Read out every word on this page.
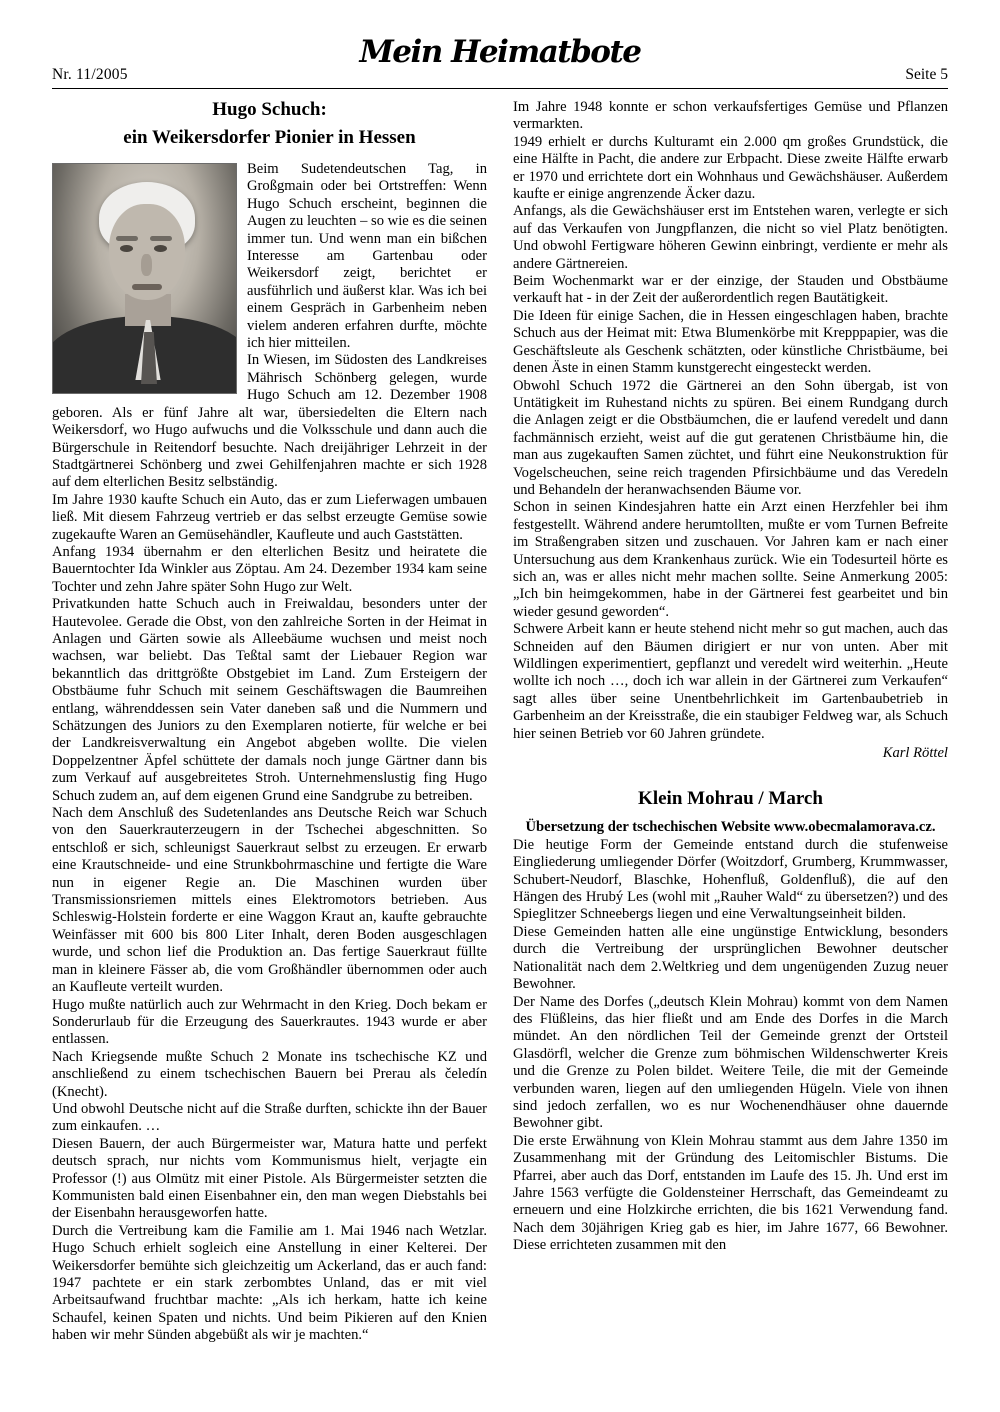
Nr. 11/2005
Mein Heimatbote
Seite 5
Hugo Schuch:
ein Weikersdorfer Pionier in Hessen

Beim Sudetendeutschen Tag, in Großgmain oder bei Ortstreffen: Wenn Hugo Schuch erscheint, beginnen die Augen zu leuchten – so wie es die seinen immer tun. Und wenn man ein bißchen Interesse am Gartenbau oder Weikersdorf zeigt, berichtet er ausführlich und äußerst klar. Was ich bei einem Gespräch in Garbenheim neben vielem anderen erfahren durfte, möchte ich hier mitteilen.

In Wiesen, im Südosten des Landkreises Mährisch Schönberg gelegen, wurde Hugo Schuch am 12. Dezember 1908 geboren. Als er fünf Jahre alt war, übersiedelten die Eltern nach Weikersdorf, wo Hugo aufwuchs und die Volksschule und dann auch die Bürgerschule in Reitendorf besuchte. Nach dreijähriger Lehrzeit in der Stadtgärtnerei Schönberg und zwei Gehilfenjahren machte er sich 1928 auf dem elterlichen Besitz selbständig.

Im Jahre 1930 kaufte Schuch ein Auto, das er zum Lieferwagen umbauen ließ. Mit diesem Fahrzeug vertrieb er das selbst erzeugte Gemüse sowie zugekaufte Waren an Gemüsehändler, Kaufleute und auch Gaststätten.

Anfang 1934 übernahm er den elterlichen Besitz und heiratete die Bauerntochter Ida Winkler aus Zöptau. Am 24. Dezember 1934 kam seine Tochter und zehn Jahre später Sohn Hugo zur Welt.

Privatkunden hatte Schuch auch in Freiwaldau, besonders unter der Hautevolee. Gerade die Obst, von den zahlreiche Sorten in der Heimat in Anlagen und Gärten sowie als Alleebäume wuchsen und meist noch wachsen, war beliebt. Das Teßtal samt der Liebauer Region war bekanntlich das drittgrößte Obstgebiet im Land. Zum Ersteigern der Obstbäume fuhr Schuch mit seinem Geschäftswagen die Baumreihen entlang, währenddessen sein Vater daneben saß und die Nummern und Schätzungen des Juniors zu den Exemplaren notierte, für welche er bei der Landkreisverwaltung ein Angebot abgeben wollte. Die vielen Doppelzentner Äpfel schüttete der damals noch junge Gärtner dann bis zum Verkauf auf ausgebreitetes Stroh. Unternehmenslustig fing Hugo Schuch zudem an, auf dem eigenen Grund eine Sandgrube zu betreiben.

Nach dem Anschluß des Sudetenlandes ans Deutsche Reich war Schuch von den Sauerkrauterzeugern in der Tschechei abgeschnitten. So entschloß er sich, schleunigst Sauerkraut selbst zu erzeugen. Er erwarb eine Krautschneide- und eine Strunkbohrmaschine und fertigte die Ware nun in eigener Regie an. Die Maschinen wurden über Transmissionsriemen mittels eines Elektromotors betrieben. Aus Schleswig-Holstein forderte er eine Waggon Kraut an, kaufte gebrauchte Weinfässer mit 600 bis 800 Liter Inhalt, deren Boden ausgeschlagen wurde, und schon lief die Produktion an. Das fertige Sauerkraut füllte man in kleinere Fässer ab, die vom Großhändler übernommen oder auch an Kaufleute verteilt wurden.

Hugo mußte natürlich auch zur Wehrmacht in den Krieg. Doch bekam er Sonderurlaub für die Erzeugung des Sauerkrautes. 1943 wurde er aber entlassen.

Nach Kriegsende mußte Schuch 2 Monate ins tschechische KZ und anschließend zu einem tschechischen Bauern bei Prerau als čeledín (Knecht).

Und obwohl Deutsche nicht auf die Straße durften, schickte ihn der Bauer zum einkaufen. …

Diesen Bauern, der auch Bürgermeister war, Matura hatte und perfekt deutsch sprach, nur nichts vom Kommunismus hielt, verjagte ein Professor (!) aus Olmütz mit einer Pistole. Als Bürgermeister setzten die Kommunisten bald einen Eisenbahner ein, den man wegen Diebstahls bei der Eisenbahn herausgeworfen hatte.

Durch die Vertreibung kam die Familie am 1. Mai 1946 nach Wetzlar. Hugo Schuch erhielt sogleich eine Anstellung in einer Kelterei. Der Weikersdorfer bemühte sich gleichzeitig um Ackerland, das er auch fand: 1947 pachtete er ein stark zerbombtes Unland, das er mit viel Arbeitsaufwand fruchtbar machte: „Als ich herkam, hatte ich keine Schaufel, keinen Spaten und nichts. Und beim Pikieren auf den Knien haben wir mehr Sünden abgebüßt als wir je machten.“

Im Jahre 1948 konnte er schon verkaufsfertiges Gemüse und Pflanzen vermarkten.

1949 erhielt er durchs Kulturamt ein 2.000 qm großes Grundstück, die eine Hälfte in Pacht, die andere zur Erbpacht. Diese zweite Hälfte erwarb er 1970 und errichtete dort ein Wohnhaus und Gewächshäuser. Außerdem kaufte er einige angrenzende Äcker dazu.

Anfangs, als die Gewächshäuser erst im Entstehen waren, verlegte er sich auf das Verkaufen von Jungpflanzen, die nicht so viel Platz benötigten. Und obwohl Fertigware höheren Gewinn einbringt, verdiente er mehr als andere Gärtnereien.

Beim Wochenmarkt war er der einzige, der Stauden und Obstbäume verkauft hat - in der Zeit der außerordentlich regen Bautätigkeit.

Die Ideen für einige Sachen, die in Hessen eingeschlagen haben, brachte Schuch aus der Heimat mit: Etwa Blumenkörbe mit Krepppapier, was die Geschäftsleute als Geschenk schätzten, oder künstliche Christbäume, bei denen Äste in einen Stamm kunstgerecht eingesteckt werden.

Obwohl Schuch 1972 die Gärtnerei an den Sohn übergab, ist von Untätigkeit im Ruhestand nichts zu spüren. Bei einem Rundgang durch die Anlagen zeigt er die Obstbäumchen, die er laufend veredelt und dann fachmännisch erzieht, weist auf die gut geratenen Christbäume hin, die man aus zugekauften Samen züchtet, und führt eine Neukonstruktion für Vogelscheuchen, seine reich tragenden Pfirsichbäume und das Veredeln und Behandeln der heranwachsenden Bäume vor.

Schon in seinen Kindesjahren hatte ein Arzt einen Herzfehler bei ihm festgestellt. Während andere herumtollten, mußte er vom Turnen Befreite im Straßengraben sitzen und zuschauen. Vor Jahren kam er nach einer Untersuchung aus dem Krankenhaus zurück. Wie ein Todesurteil hörte es sich an, was er alles nicht mehr machen sollte. Seine Anmerkung 2005: „Ich bin heimgekommen, habe in der Gärtnerei fest gearbeitet und bin wieder gesund geworden“.

Schwere Arbeit kann er heute stehend nicht mehr so gut machen, auch das Schneiden auf den Bäumen dirigiert er nur von unten. Aber mit Wildlingen experimentiert, gepflanzt und veredelt wird weiterhin. „Heute wollte ich noch …, doch ich war allein in der Gärtnerei zum Verkaufen“ sagt alles über seine Unentbehrlichkeit im Gartenbaubetrieb in Garbenheim an der Kreisstraße, die ein staubiger Feldweg war, als Schuch hier seinen Betrieb vor 60 Jahren gründete.

Karl Röttel
Klein Mohrau / March

Übersetzung der tschechischen Website www.obecmalamorava.cz.

Die heutige Form der Gemeinde entstand durch die stufenweise Eingliederung umliegender Dörfer (Woitzdorf, Grumberg, Krummwasser, Schubert-Neudorf, Blaschke, Hohenfluß, Goldenfluß), die auf den Hängen des Hrubý Les (wohl mit „Rauher Wald“ zu übersetzen?) und des Spieglitzer Schneebergs liegen und eine Verwaltungseinheit bilden.

Diese Gemeinden hatten alle eine ungünstige Entwicklung, besonders durch die Vertreibung der ursprünglichen Bewohner deutscher Nationalität nach dem 2.Weltkrieg und dem ungenügenden Zuzug neuer Bewohner.

Der Name des Dorfes („deutsch Klein Mohrau) kommt von dem Namen des Flüßleins, das hier fließt und am Ende des Dorfes in die March mündet. An den nördlichen Teil der Gemeinde grenzt der Ortsteil Glasdörfl, welcher die Grenze zum böhmischen Wildenschwerter Kreis und die Grenze zu Polen bildet. Weitere Teile, die mit der Gemeinde verbunden waren, liegen auf den umliegenden Hügeln. Viele von ihnen sind jedoch zerfallen, wo es nur Wochenendhäuser ohne dauernde Bewohner gibt.

Die erste Erwähnung von Klein Mohrau stammt aus dem Jahre 1350 im Zusammenhang mit der Gründung des Leitomischler Bistums. Die Pfarrei, aber auch das Dorf, entstanden im Laufe des 15. Jh. Und erst im Jahre 1563 verfügte die Goldensteiner Herrschaft, das Gemeindeamt zu erneuern und eine Holzkirche errichten, die bis 1621 Verwendung fand. Nach dem 30jährigen Krieg gab es hier, im Jahre 1677, 66 Bewohner. Diese errichteten zusammen mit den
